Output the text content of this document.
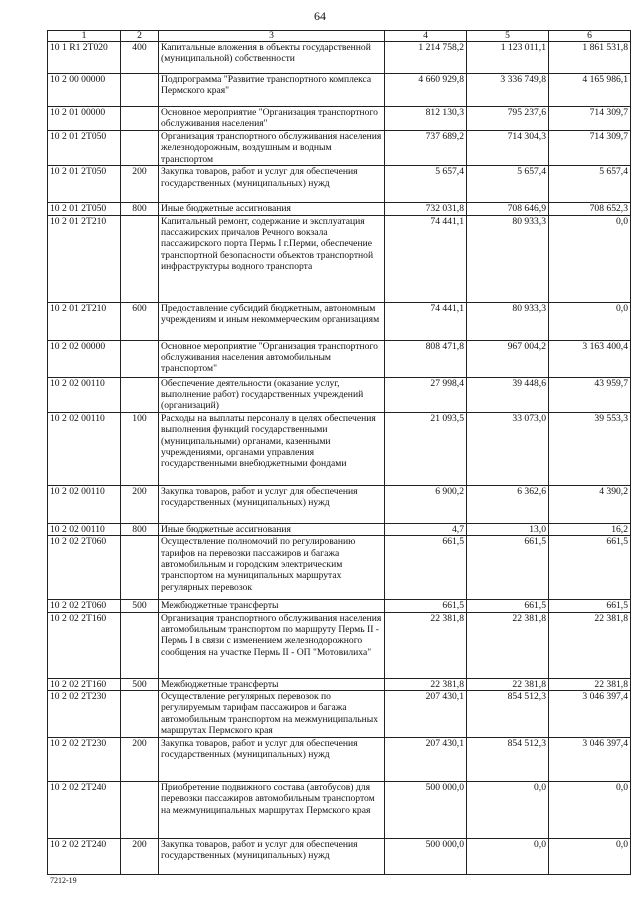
64
1	2	3	4	5	6
10 1 R1 2T020	400	Капитальные вложения в объекты государственной (муниципальной) собственности	1 214 758,2	1 123 011,1	1 861 531,8
10 2 00 00000		Подпрограмма "Развитие транспортного комплекса Пермского края"	4 660 929,8	3 336 749,8	4 165 986,1
10 2 01 00000		Основное мероприятие "Организация транспортного обслуживания населения"	812 130,3	795 237,6	714 309,7
10 2 01 2Т050		Организация транспортного обслуживания населения железнодорожным, воздушным и водным транспортом	737 689,2	714 304,3	714 309,7
10 2 01 2Т050	200	Закупка товаров, работ и услуг для обеспечения государственных (муниципальных) нужд	5 657,4	5 657,4	5 657,4
10 2 01 2Т050	800	Иные бюджетные ассигнования	732 031,8	708 646,9	708 652,3
10 2 01 2Т210		Капитальный ремонт, содержание и эксплуатация пассажирских причалов Речного вокзала пассажирского порта Пермь I г.Перми, обеспечение транспортной безопасности объектов транспортной инфраструктуры водного транспорта	74 441,1	80 933,3	0,0
10 2 01 2Т210	600	Предоставление субсидий бюджетным, автономным учреждениям и иным некоммерческим организациям	74 441,1	80 933,3	0,0
10 2 02 00000		Основное мероприятие "Организация транспортного обслуживания населения автомобильным транспортом"	808 471,8	967 004,2	3 163 400,4
10 2 02 00110		Обеспечение деятельности (оказание услуг, выполнение работ) государственных учреждений (организаций)	27 998,4	39 448,6	43 959,7
10 2 02 00110	100	Расходы на выплаты персоналу в целях обеспечения выполнения функций государственными (муниципальными) органами, казенными учреждениями, органами управления государственными внебюджетными фондами	21 093,5	33 073,0	39 553,3
10 2 02 00110	200	Закупка товаров, работ и услуг для обеспечения государственных (муниципальных) нужд	6 900,2	6 362,6	4 390,2
10 2 02 00110	800	Иные бюджетные ассигнования	4,7	13,0	16,2
10 2 02 2Т060		Осуществление полномочий по регулированию тарифов на перевозки пассажиров и багажа автомобильным и городским электрическим транспортом на муниципальных маршрутах регулярных перевозок	661,5	661,5	661,5
10 2 02 2Т060	500	Межбюджетные трансферты	661,5	661,5	661,5
10 2 02 2Т160		Организация транспортного обслуживания населения автомобильным транспортом по маршруту Пермь II - Пермь I в связи с изменением железнодорожного сообщения на участке Пермь II - ОП "Мотовилиха"	22 381,8	22 381,8	22 381,8
10 2 02 2Т160	500	Межбюджетные трансферты	22 381,8	22 381,8	22 381,8
10 2 02 2Т230		Осуществление регулярных перевозок по регулируемым тарифам пассажиров и багажа автомобильным транспортом на межмуниципальных маршрутах Пермского края	207 430,1	854 512,3	3 046 397,4
10 2 02 2Т230	200	Закупка товаров, работ и услуг для обеспечения государственных (муниципальных) нужд	207 430,1	854 512,3	3 046 397,4
10 2 02 2Т240		Приобретение подвижного состава (автобусов) для перевозки пассажиров автомобильным транспортом на межмуниципальных маршрутах Пермского края	500 000,0	0,0	0,0
10 2 02 2Т240	200	Закупка товаров, работ и услуг для обеспечения государственных (муниципальных) нужд	500 000,0	0,0	0,0
7212-19
